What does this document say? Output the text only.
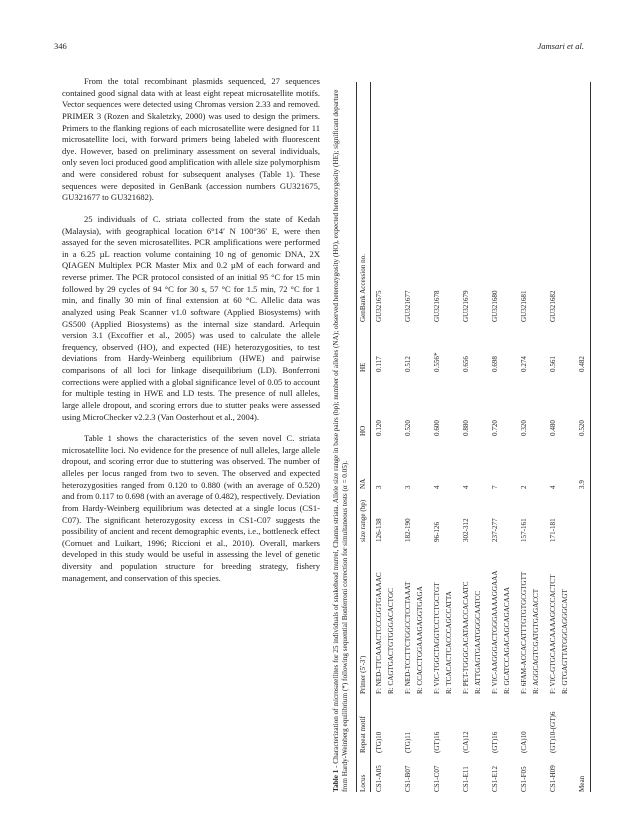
346	Jamsari et al.

From the total recombinant plasmids sequenced, 27 sequences contained good signal data with at least eight repeat microsatellite motifs. Vector sequences were detected using Chromas version 2.33 and removed. PRIMER 3 (Rozen and Skaletzky, 2000) was used to design the primers. Primers to the flanking regions of each microsatellite were designed for 11 microsatellite loci, with forward primers being labeled with fluorescent dye. However, based on preliminary assessment on several individuals, only seven loci produced good amplification with allele size polymorphism and were considered robust for subsequent analyses (Table 1). These sequences were deposited in GenBank (accession numbers GU321675, GU321677 to GU321682).

25 individuals of C. striata collected from the state of Kedah (Malaysia), with geographical location 6°14′ N 100°36′ E, were then assayed for the seven microsatellites. PCR amplifications were performed in a 6.25 µL reaction volume containing 10 ng of genomic DNA, 2X QIAGEN Multiplex PCR Master Mix and 0.2 µM of each forward and reverse primer. The PCR protocol consisted of an initial 95 °C for 15 min followed by 29 cycles of 94 °C for 30 s, 57 °C for 1.5 min, 72 °C for 1 min, and finally 30 min of final extension at 60 °C. Allelic data was analyzed using Peak Scanner v1.0 software (Applied Biosystems) with GS500 (Applied Biosystems) as the internal size standard. Arlequin version 3.1 (Excoffier et al., 2005) was used to calculate the allele frequency, observed (HO), and expected (HE) heterozygosities, to test deviations from Hardy-Weinberg equilibrium (HWE) and pairwise comparisons of all loci for linkage disequilibrium (LD). Bonferroni corrections were applied with a global significance level of 0.05 to account for multiple testing in HWE and LD tests. The presence of null alleles, large allele dropout, and scoring errors due to stutter peaks were assessed using MicroChecker v2.2.3 (Van Oosterhout et al., 2004).

Table 1 shows the characteristics of the seven novel C. striata microsatellite loci. No evidence for the presence of null alleles, large allele dropout, and scoring error due to stuttering was observed. The number of alleles per locus ranged from two to seven. The observed and expected heterozygosities ranged from 0.120 to 0.880 (with an average of 0.520) and from 0.117 to 0.698 (with an average of 0.482), respectively. Deviation from Hardy-Weinberg equilibrium was detected at a single locus (CS1-C07). The significant heterozygosity excess in CS1-C07 suggests the possibility of ancient and recent demographic events, i.e., bottleneck effect (Cornuet and Luikart, 1996; Riccioni et al., 2010). Overall, markers developed in this study would be useful in assessing the level of genetic diversity and population structure for breeding strategy, fishery management, and conservation of this species.

Table 1 - Characterization of microsatellites for 25 individuals of snakehead murrel, Channa striata. Allele size range in base pairs (bp); number of alleles (NA); observed heterozygosity (HO), expected heterozygosity (HE); significant departure from Hardy-Weinberg equilibrium (*) following sequential Bonferroni correction for simultaneous tests (α = 0.05). Locus
Repeat motif
Primer (5′-3′)
size range (bp)
NA
HO
HE
GenBank Accession no.
CS1-A05
(TG)10
F: NED-TTCAAACTCCCGGTGAAAAC R: CAGTGACTGTGGGACACTGC
126-138
3
0.120
0.117
GU321675
CS1-B07
(TG)11
F: NED-TCCTTCTGGCCTCCTAAAT R: CCACCTGGAAAGAGGTGAGA
182-190
3
0.520
0.512
GU321677
CS1-C07
(GT)16
F: VIC-TGGCTAGGTCCTCTGCTGT R: TCACACTCACCCAGCCATTA
96-126
4
0.600
0.556*
GU321678
CS1-E11
(CA)12
F: PET-TGGGCACATAACCACAATC R: ATTGAGTGAATGGGCAATCC
302-312
4
0.880
0.656
GU321679
CS1-E12
(GT)16
F: VIC-AAGGGACTGGGAAAAGGAAA R: GCATCCAGACAGCAGACAAA
237-277
7
0.720
0.698
GU321680
CS1-F05
(CA)10
F: 6FAM-ACCACATTTGTGTGCGTGTT R: AGGCAGTCGATGTGAGACCT
157-161
2
0.320
0.274
GU321681
CS1-H09
(GT)10-(GT)6
F: VIC-GTGCAACAAAAGCCCACTCT R: GTGAGTTATGGCAGGGCAGT
171-181
4
0.480
0.561
GU321682
Mean
3.9
0.520
0.482
